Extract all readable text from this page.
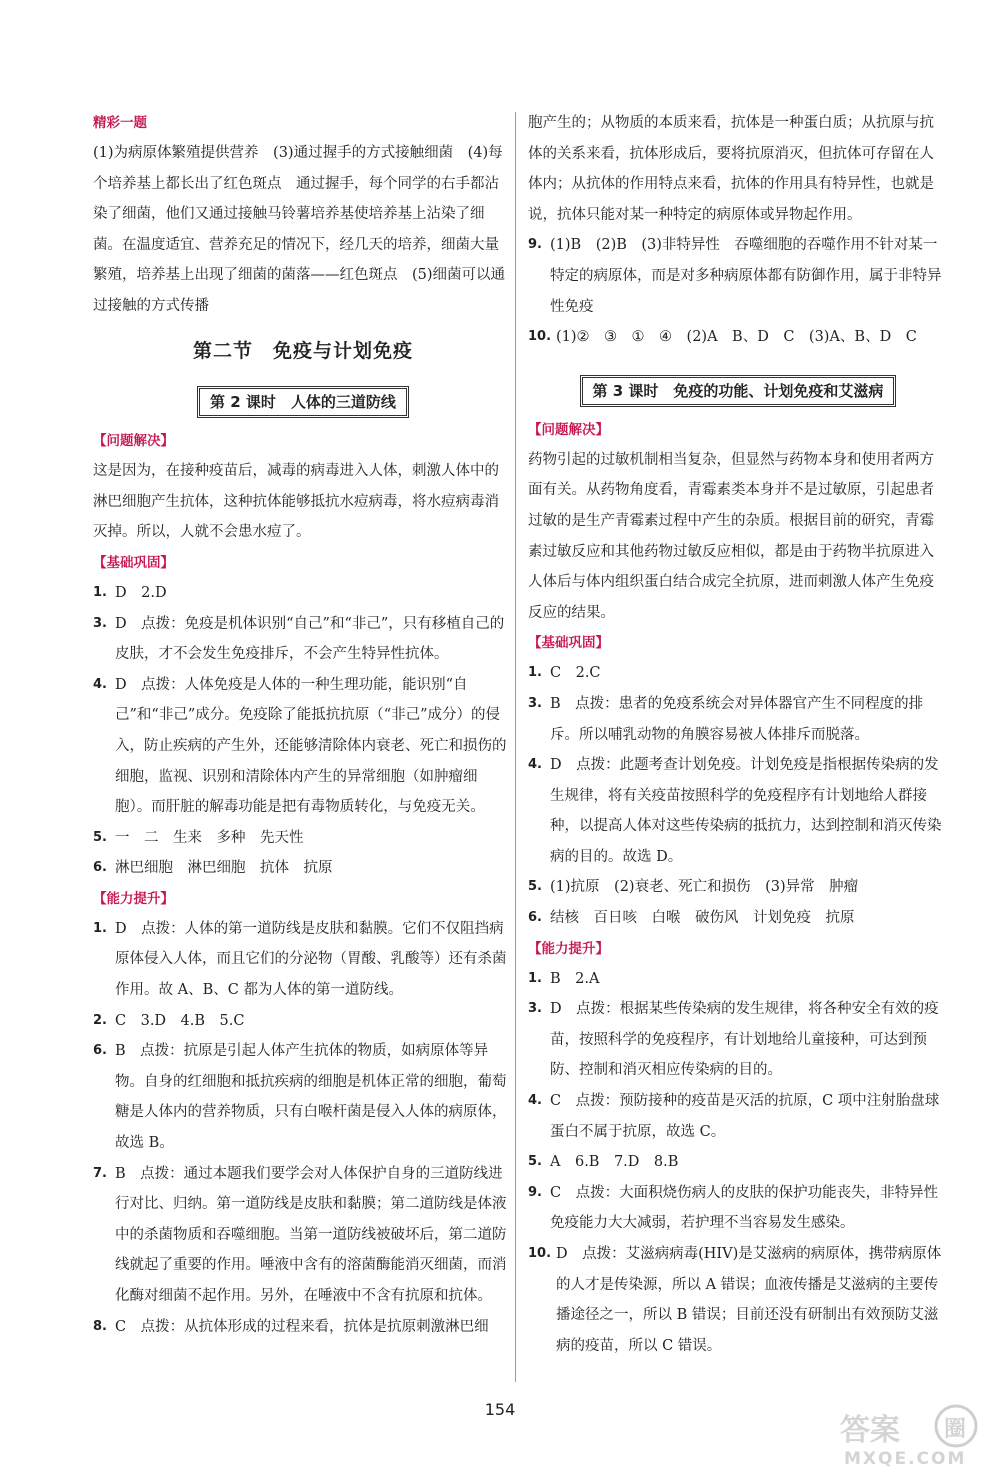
精彩一题

(1)为病原体繁殖提供营养　(3)通过握手的方式接触细菌　(4)每个培养基上都长出了红色斑点　通过握手，每个同学的右手都沾染了细菌，他们又通过接触马铃薯培养基使培养基上沾染了细菌。在温度适宜、营养充足的情况下，经几天的培养，细菌大量繁殖，培养基上出现了细菌的菌落——红色斑点　(5)细菌可以通过接触的方式传播

第二节　免疫与计划免疫
第 2 课时　人体的三道防线
【问题解决】

这是因为，在接种疫苗后，减毒的病毒进入人体，刺激人体中的淋巴细胞产生抗体，这种抗体能够抵抗水痘病毒，将水痘病毒消灭掉。所以，人就不会患水痘了。

【基础巩固】
1. D　2.D
3. D　点拨：免疫是机体识别“自己”和“非己”，只有移植自己的皮肤，才不会发生免疫排斥，不会产生特异性抗体。
4. D　点拨：人体免疫是人体的一种生理功能，能识别“自己”和“非己”成分。免疫除了能抵抗抗原（“非己”成分）的侵入，防止疾病的产生外，还能够清除体内衰老、死亡和损伤的细胞，监视、识别和清除体内产生的异常细胞（如肿瘤细胞）。而肝脏的解毒功能是把有毒物质转化，与免疫无关。
5. 一　二　生来　多种　先天性
6. 淋巴细胞　淋巴细胞　抗体　抗原
【能力提升】
1. D　点拨：人体的第一道防线是皮肤和黏膜。它们不仅阻挡病原体侵入人体，而且它们的分泌物（胃酸、乳酸等）还有杀菌作用。故 A、B、C 都为人体的第一道防线。
2. C　3.D　4.B　5.C
6. B　点拨：抗原是引起人体产生抗体的物质，如病原体等异物。自身的红细胞和抵抗疾病的细胞是机体正常的细胞，葡萄糖是人体内的营养物质，只有白喉杆菌是侵入人体的病原体，故选 B。
7. B　点拨：通过本题我们要学会对人体保护自身的三道防线进行对比、归纳。第一道防线是皮肤和黏膜；第二道防线是体液中的杀菌物质和吞噬细胞。当第一道防线被破坏后，第二道防线就起了重要的作用。唾液中含有的溶菌酶能消灭细菌，而消化酶对细菌不起作用。另外，在唾液中不含有抗原和抗体。
8. C　点拨：从抗体形成的过程来看，抗体是抗原刺激淋巴细

胞产生的；从物质的本质来看，抗体是一种蛋白质；从抗原与抗体的关系来看，抗体形成后，要将抗原消灭，但抗体可存留在人体内；从抗体的作用特点来看，抗体的作用具有特异性，也就是说，抗体只能对某一种特定的病原体或异物起作用。

9. (1)B　(2)B　(3)非特异性　吞噬细胞的吞噬作用不针对某一特定的病原体，而是对多种病原体都有防御作用，属于非特异性免疫
10. (1)②　③　①　④　(2)A　B、D　C　(3)A、B、D　C
第 3 课时　免疫的功能、计划免疫和艾滋病
【问题解决】

药物引起的过敏机制相当复杂，但显然与药物本身和使用者两方面有关。从药物角度看，青霉素类本身并不是过敏原，引起患者过敏的是生产青霉素过程中产生的杂质。根据目前的研究，青霉素过敏反应和其他药物过敏反应相似，都是由于药物半抗原进入人体后与体内组织蛋白结合成完全抗原，进而刺激人体产生免疫反应的结果。

【基础巩固】
1. C　2.C
3. B　点拨：患者的免疫系统会对异体器官产生不同程度的排斥。所以哺乳动物的角膜容易被人体排斥而脱落。
4. D　点拨：此题考查计划免疫。计划免疫是指根据传染病的发生规律，将有关疫苗按照科学的免疫程序有计划地给人群接种，以提高人体对这些传染病的抵抗力，达到控制和消灭传染病的目的。故选 D。
5. (1)抗原　(2)衰老、死亡和损伤　(3)异常　肿瘤
6. 结核　百日咳　白喉　破伤风　计划免疫　抗原
【能力提升】
1. B　2.A
3. D　点拨：根据某些传染病的发生规律，将各种安全有效的疫苗，按照科学的免疫程序，有计划地给儿童接种，可达到预防、控制和消灭相应传染病的目的。
4. C　点拨：预防接种的疫苗是灭活的抗原，C 项中注射胎盘球蛋白不属于抗原，故选 C。
5. A　6.B　7.D　8.B
9. C　点拨：大面积烧伤病人的皮肤的保护功能丧失，非特异性免疫能力大大减弱，若护理不当容易发生感染。
10. D　点拨：艾滋病病毒(HIV)是艾滋病的病原体，携带病原体的人才是传染源，所以 A 错误；血液传播是艾滋病的主要传播途径之一，所以 B 错误；目前还没有研制出有效预防艾滋病的疫苗，所以 C 错误。
154
答案 圈
MXQE.COM
